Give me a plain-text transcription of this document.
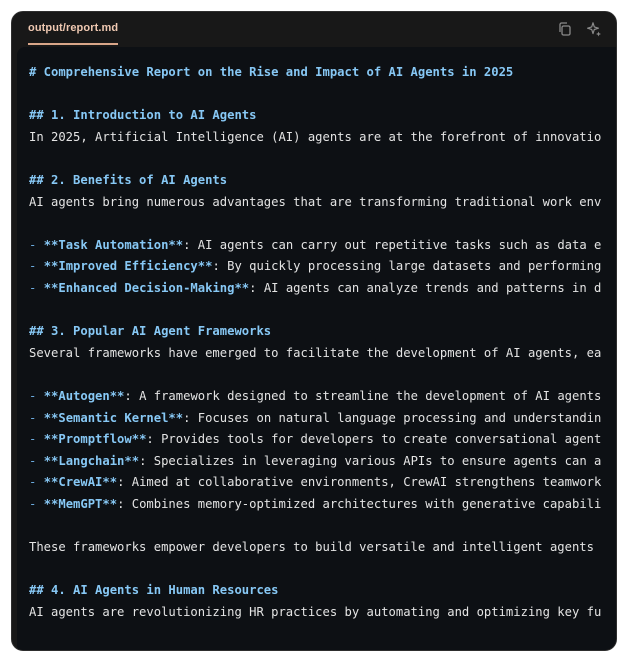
output/report.md
# Comprehensive Report on the Rise and Impact of AI Agents in 2025
## 1. Introduction to AI Agents
In 2025, Artificial Intelligence (AI) agents are at the forefront of innovatio
## 2. Benefits of AI Agents
AI agents bring numerous advantages that are transforming traditional work env
- **Task Automation**: AI agents can carry out repetitive tasks such as data e
- **Improved Efficiency**: By quickly processing large datasets and performing
- **Enhanced Decision-Making**: AI agents can analyze trends and patterns in d
## 3. Popular AI Agent Frameworks
Several frameworks have emerged to facilitate the development of AI agents, ea
- **Autogen**: A framework designed to streamline the development of AI agents
- **Semantic Kernel**: Focuses on natural language processing and understandin
- **Promptflow**: Provides tools for developers to create conversational agent
- **Langchain**: Specializes in leveraging various APIs to ensure agents can a
- **CrewAI**: Aimed at collaborative environments, CrewAI strengthens teamwork
- **MemGPT**: Combines memory-optimized architectures with generative capabili
These frameworks empower developers to build versatile and intelligent agents
## 4. AI Agents in Human Resources
AI agents are revolutionizing HR practices by automating and optimizing key fu
